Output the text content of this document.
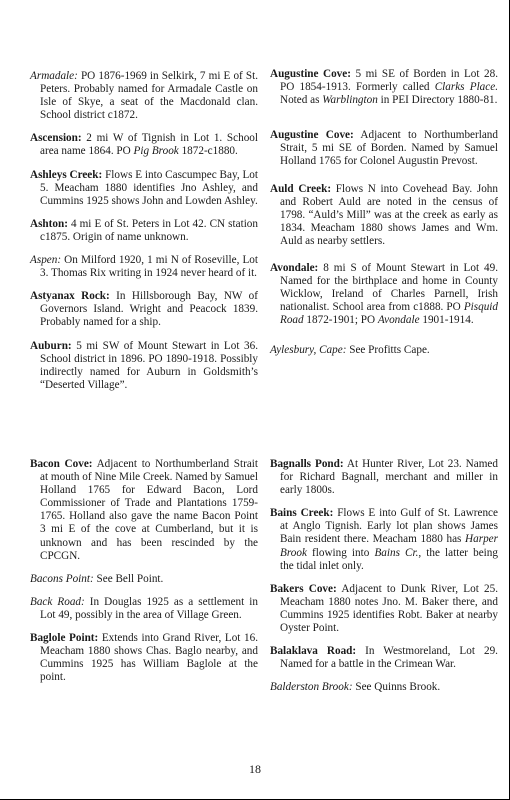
Armadale: PO 1876-1969 in Selkirk, 7 mi E of St. Peters. Probably named for Armadale Castle on Isle of Skye, a seat of the Macdonald clan. School district c1872.
Ascension: 2 mi W of Tignish in Lot 1. School area name 1864. PO Pig Brook 1872-c1880.
Ashleys Creek: Flows E into Cascumpec Bay, Lot 5. Meacham 1880 identifies Jno Ashley, and Cummins 1925 shows John and Lowden Ashley.
Ashton: 4 mi E of St. Peters in Lot 42. CN station c1875. Origin of name unknown.
Aspen: On Milford 1920, 1 mi N of Roseville, Lot 3. Thomas Rix writing in 1924 never heard of it.
Astyanax Rock: In Hillsborough Bay, NW of Governors Island. Wright and Peacock 1839. Probably named for a ship.
Auburn: 5 mi SW of Mount Stewart in Lot 36. School district in 1896. PO 1890-1918. Possibly indirectly named for Auburn in Goldsmith’s “Deserted Village”.
Augustine Cove: 5 mi SE of Borden in Lot 28. PO 1854-1913. Formerly called Clarks Place. Noted as Warblington in PEI Directory 1880-81.
Augustine Cove: Adjacent to Northumberland Strait, 5 mi SE of Borden. Named by Samuel Holland 1765 for Colonel Augustin Prevost.
Auld Creek: Flows N into Covehead Bay. John and Robert Auld are noted in the census of 1798. “Auld’s Mill” was at the creek as early as 1834. Meacham 1880 shows James and Wm. Auld as nearby settlers.
Avondale: 8 mi S of Mount Stewart in Lot 49. Named for the birthplace and home in County Wicklow, Ireland of Charles Parnell, Irish nationalist. School area from c1888. PO Pisquid Road 1872-1901; PO Avondale 1901-1914.
Aylesbury, Cape: See Profitts Cape.
Bacon Cove: Adjacent to Northumberland Strait at mouth of Nine Mile Creek. Named by Samuel Holland 1765 for Edward Bacon, Lord Commissioner of Trade and Plantations 1759-1765. Holland also gave the name Bacon Point 3 mi E of the cove at Cumberland, but it is unknown and has been rescinded by the CPCGN.
Bacons Point: See Bell Point.
Back Road: In Douglas 1925 as a settlement in Lot 49, possibly in the area of Village Green.
Baglole Point: Extends into Grand River, Lot 16. Meacham 1880 shows Chas. Baglo nearby, and Cummins 1925 has William Baglole at the point.
Bagnalls Pond: At Hunter River, Lot 23. Named for Richard Bagnall, merchant and miller in early 1800s.
Bains Creek: Flows E into Gulf of St. Lawrence at Anglo Tignish. Early lot plan shows James Bain resident there. Meacham 1880 has Harper Brook flowing into Bains Cr., the latter being the tidal inlet only.
Bakers Cove: Adjacent to Dunk River, Lot 25. Meacham 1880 notes Jno. M. Baker there, and Cummins 1925 identifies Robt. Baker at nearby Oyster Point.
Balaklava Road: In Westmoreland, Lot 29. Named for a battle in the Crimean War.
Balderston Brook: See Quinns Brook.
18
